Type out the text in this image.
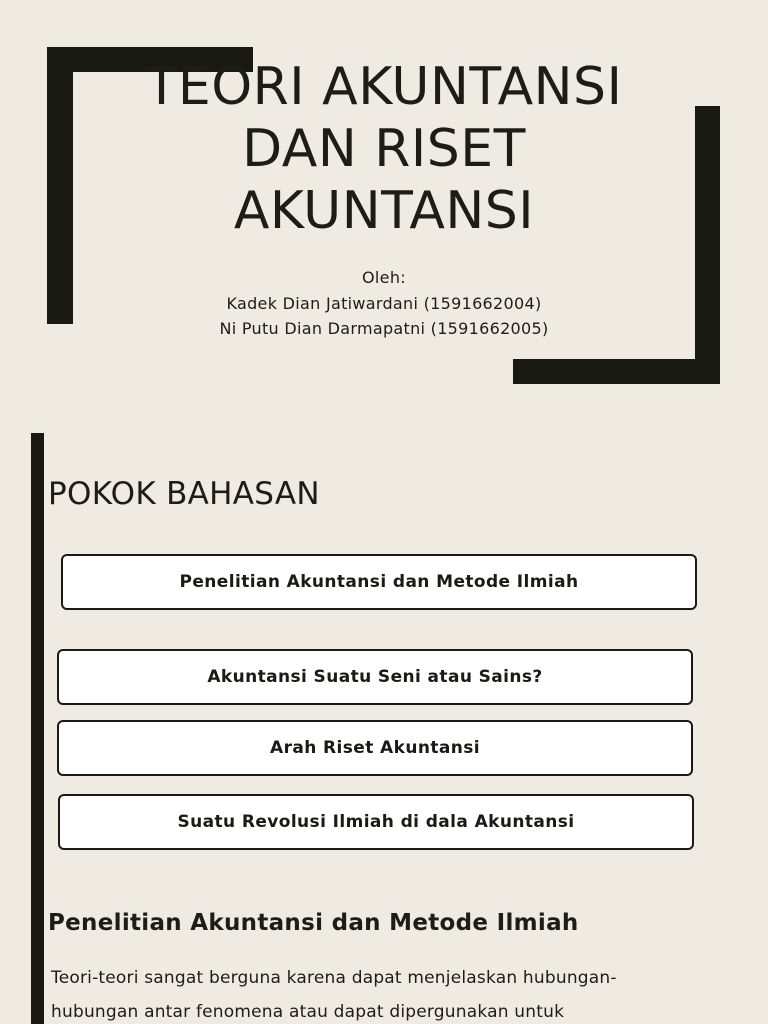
TEORI AKUNTANSI
DAN RISET
AKUNTANSI
Oleh:
Kadek Dian Jatiwardani (1591662004)
Ni Putu Dian Darmapatni (1591662005)
POKOK BAHASAN
Penelitian Akuntansi dan Metode Ilmiah
Akuntansi Suatu Seni atau Sains?
Arah Riset Akuntansi
Suatu Revolusi Ilmiah di dala Akuntansi
Penelitian Akuntansi dan Metode Ilmiah

Teori-teori sangat berguna karena dapat menjelaskan hubungan-
hubungan antar fenomena atau dapat dipergunakan untuk
